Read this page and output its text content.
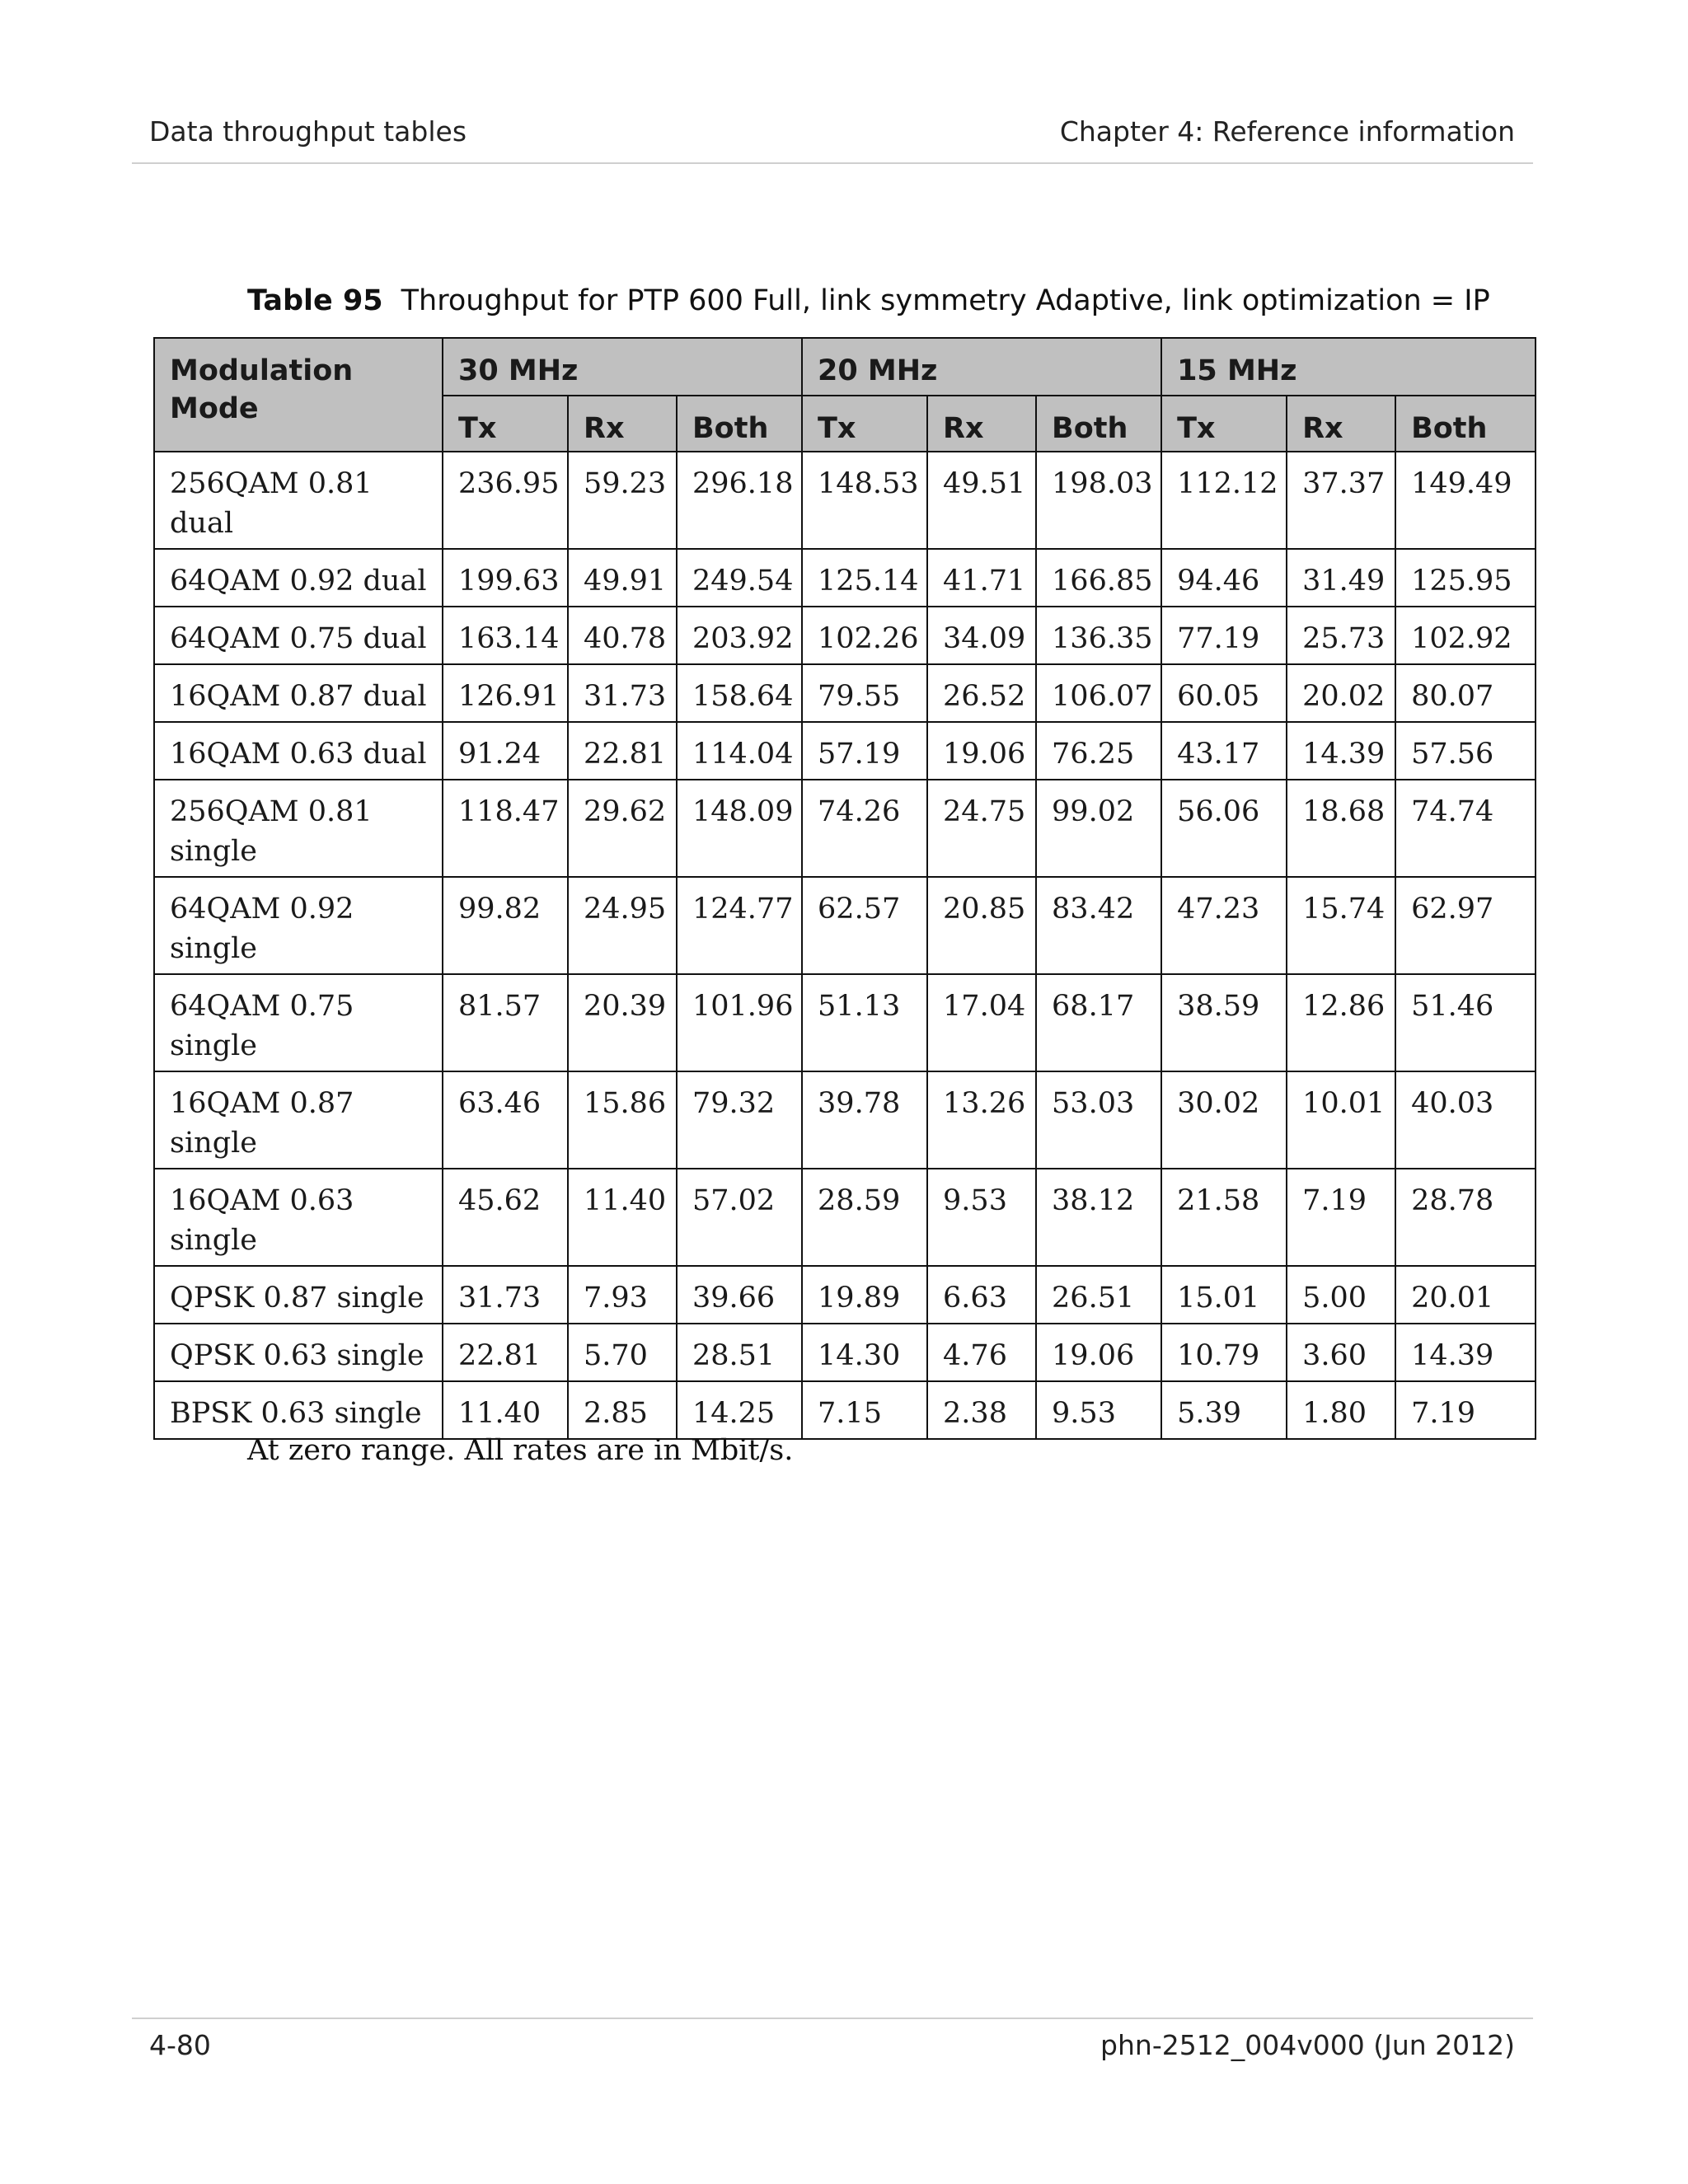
Data throughput tables	Chapter 4: Reference information
Table 95 Throughput for PTP 600 Full, link symmetry Adaptive, link optimization = IP
Modulation Mode	30 MHz			20 MHz			15 MHz		
	Tx	Rx	Both	Tx	Rx	Both	Tx	Rx	Both
256QAM 0.81 dual	236.95	59.23	296.18	148.53	49.51	198.03	112.12	37.37	149.49
64QAM 0.92 dual	199.63	49.91	249.54	125.14	41.71	166.85	94.46	31.49	125.95
64QAM 0.75 dual	163.14	40.78	203.92	102.26	34.09	136.35	77.19	25.73	102.92
16QAM 0.87 dual	126.91	31.73	158.64	79.55	26.52	106.07	60.05	20.02	80.07
16QAM 0.63 dual	91.24	22.81	114.04	57.19	19.06	76.25	43.17	14.39	57.56
256QAM 0.81 single	118.47	29.62	148.09	74.26	24.75	99.02	56.06	18.68	74.74
64QAM 0.92 single	99.82	24.95	124.77	62.57	20.85	83.42	47.23	15.74	62.97
64QAM 0.75 single	81.57	20.39	101.96	51.13	17.04	68.17	38.59	12.86	51.46
16QAM 0.87 single	63.46	15.86	79.32	39.78	13.26	53.03	30.02	10.01	40.03
16QAM 0.63 single	45.62	11.40	57.02	28.59	9.53	38.12	21.58	7.19	28.78
QPSK 0.87 single	31.73	7.93	39.66	19.89	6.63	26.51	15.01	5.00	20.01
QPSK 0.63 single	22.81	5.70	28.51	14.30	4.76	19.06	10.79	3.60	14.39
BPSK 0.63 single	11.40	2.85	14.25	7.15	2.38	9.53	5.39	1.80	7.19
At zero range. All rates are in Mbit/s.
4-80	phn-2512_004v000 (Jun 2012)
